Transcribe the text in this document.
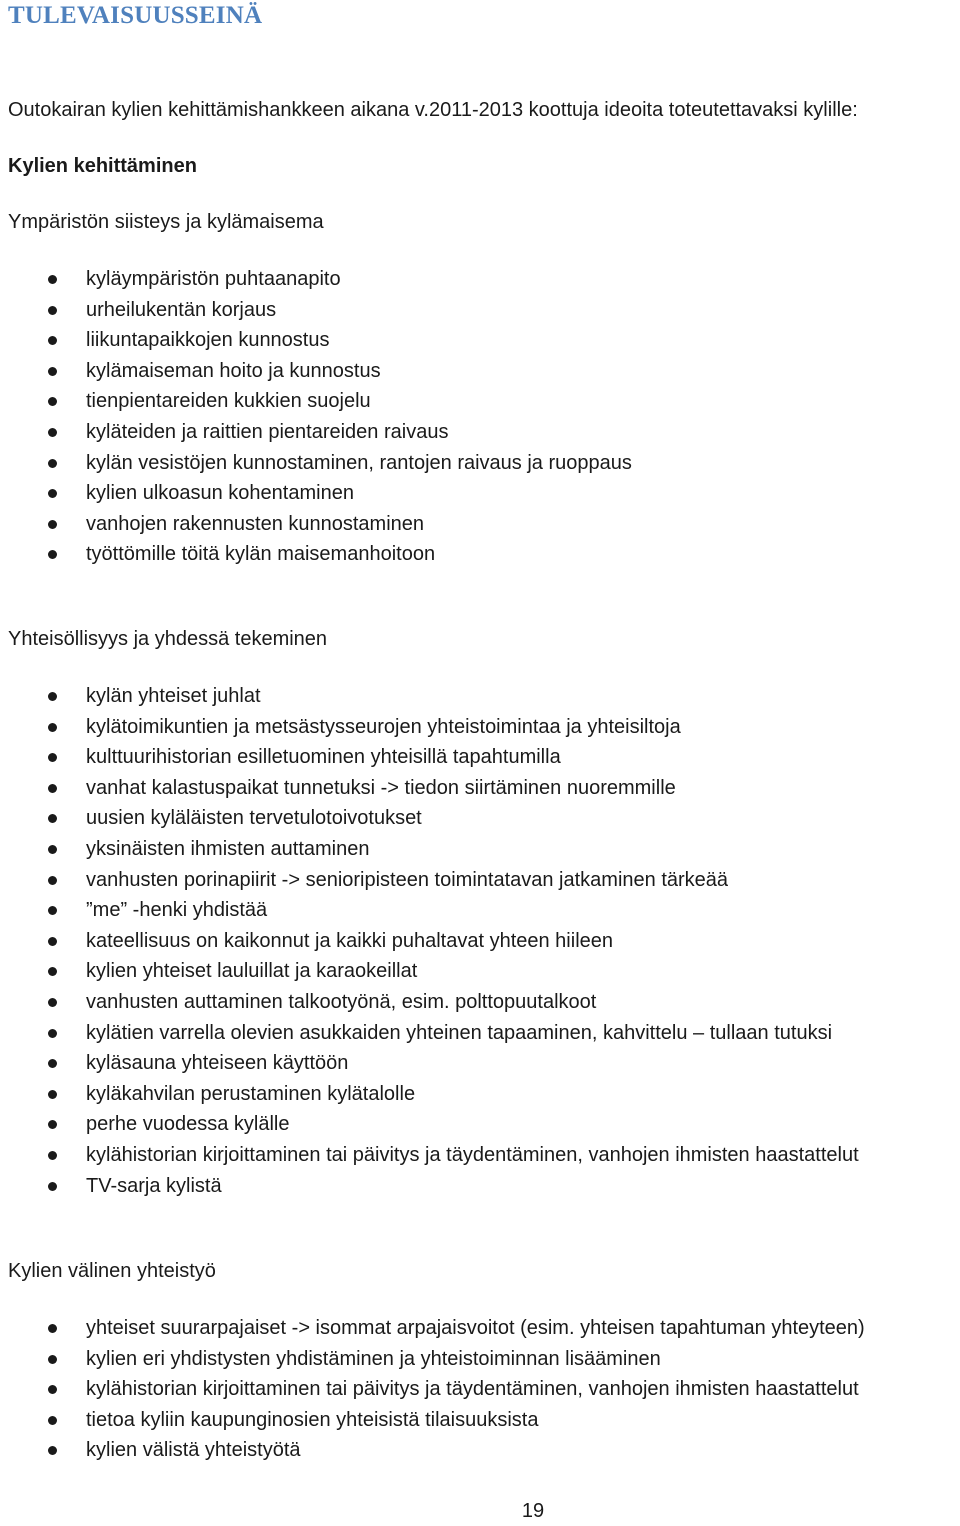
TULEVAISUUSSEINÄ

Outokairan kylien kehittämishankkeen aikana v.2011-2013 koottuja ideoita toteutettavaksi kylille:

Kylien kehittäminen
Ympäristön siisteys ja kylämaisema
kyläympäristön puhtaanapito
urheilukentän korjaus
liikuntapaikkojen kunnostus
kylämaiseman hoito ja kunnostus
tienpientareiden kukkien suojelu
kyläteiden ja raittien pientareiden raivaus
kylän vesistöjen kunnostaminen, rantojen raivaus ja ruoppaus
kylien ulkoasun kohentaminen
vanhojen rakennusten kunnostaminen
työttömille töitä kylän maisemanhoitoon
Yhteisöllisyys ja yhdessä tekeminen
kylän yhteiset juhlat
kylätoimikuntien ja metsästysseurojen yhteistoimintaa ja yhteisiltoja
kulttuurihistorian esilletuominen yhteisillä tapahtumilla
vanhat kalastuspaikat tunnetuksi -> tiedon siirtäminen nuoremmille
uusien kyläläisten tervetulotoivotukset
yksinäisten ihmisten auttaminen
vanhusten porinapiirit -> senioripisteen toimintatavan jatkaminen tärkeää
”me” -henki yhdistää
kateellisuus on kaikonnut ja kaikki puhaltavat yhteen hiileen
kylien yhteiset lauluillat ja karaokeillat
vanhusten auttaminen talkootyönä, esim. polttopuutalkoot
kylätien varrella olevien asukkaiden yhteinen tapaaminen, kahvittelu – tullaan tutuksi
kyläsauna yhteiseen käyttöön
kyläkahvilan perustaminen kylätalolle
perhe vuodessa kylälle
kylähistorian kirjoittaminen tai päivitys ja täydentäminen, vanhojen ihmisten haastattelut
TV-sarja kylistä
Kylien välinen yhteistyö
yhteiset suurarpajaiset -> isommat arpajaisvoitot (esim. yhteisen tapahtuman yhteyteen)
kylien eri yhdistysten yhdistäminen ja yhteistoiminnan lisääminen
kylähistorian kirjoittaminen tai päivitys ja täydentäminen, vanhojen ihmisten haastattelut
tietoa kyliin kaupunginosien yhteisistä tilaisuuksista
kylien välistä yhteistyötä

19
